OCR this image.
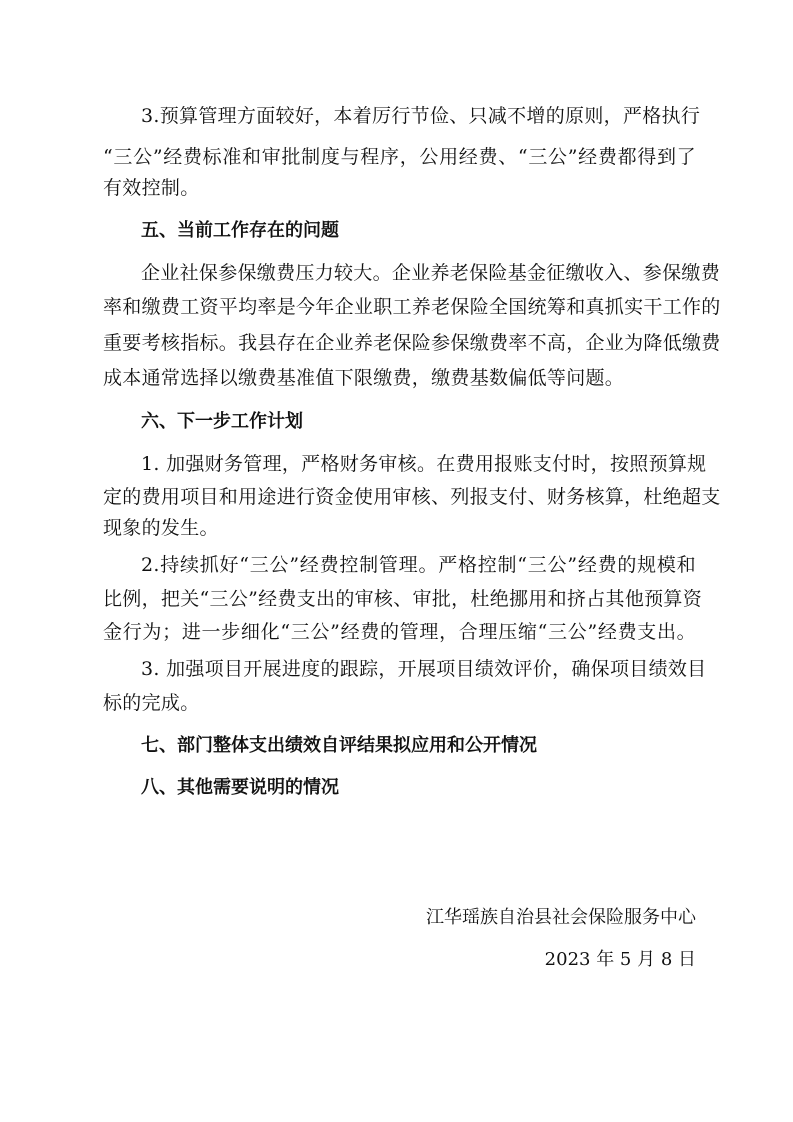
3.预算管理方面较好，本着厉行节俭、只减不增的原则，严格执行
“三公”经费标准和审批制度与程序，公用经费、“三公”经费都得到了
有效控制。
五、当前工作存在的问题
企业社保参保缴费压力较大。企业养老保险基金征缴收入、参保缴费
率和缴费工资平均率是今年企业职工养老保险全国统筹和真抓实干工作的
重要考核指标。我县存在企业养老保险参保缴费率不高，企业为降低缴费
成本通常选择以缴费基准值下限缴费，缴费基数偏低等问题。
六、下一步工作计划
1. 加强财务管理，严格财务审核。在费用报账支付时，按照预算规
定的费用项目和用途进行资金使用审核、列报支付、财务核算，杜绝超支
现象的发生。
2.持续抓好“三公”经费控制管理。严格控制“三公”经费的规模和
比例，把关“三公”经费支出的审核、审批，杜绝挪用和挤占其他预算资
金行为；进一步细化“三公”经费的管理，合理压缩“三公”经费支出。
3. 加强项目开展进度的跟踪，开展项目绩效评价，确保项目绩效目
标的完成。
七、部门整体支出绩效自评结果拟应用和公开情况
八、其他需要说明的情况
江华瑶族自治县社会保险服务中心
2023 年 5 月 8 日
